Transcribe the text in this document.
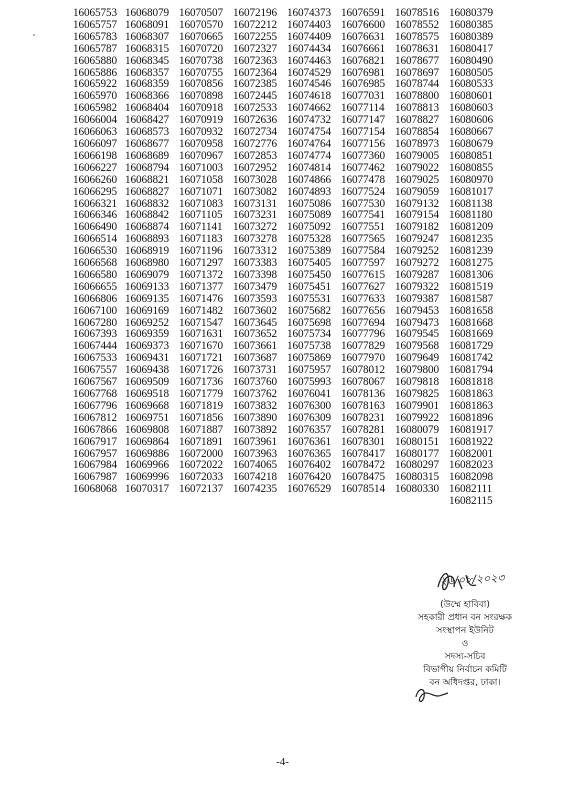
16065753	16068079	16070507	16072196	16074373	16076591	16078516	16080379
16065757	16068091	16070570	16072212	16074403	16076600	16078552	16080385
16065783	16068307	16070665	16072255	16074409	16076631	16078575	16080389
16065787	16068315	16070720	16072327	16074434	16076661	16078631	16080417
16065880	16068345	16070738	16072363	16074463	16076821	16078677	16080490
16065886	16068357	16070755	16072364	16074529	16076981	16078697	16080505
16065922	16068359	16070856	16072385	16074546	16076985	16078744	16080533
16065970	16068366	16070898	16072445	16074618	16077031	16078800	16080601
16065982	16068404	16070918	16072533	16074662	16077114	16078813	16080603
16066004	16068427	16070919	16072636	16074732	16077147	16078827	16080606
16066063	16068573	16070932	16072734	16074754	16077154	16078854	16080667
16066097	16068677	16070958	16072776	16074764	16077156	16078973	16080679
16066198	16068689	16070967	16072853	16074774	16077360	16079005	16080851
16066227	16068794	16071003	16072952	16074814	16077462	16079022	16080855
16066260	16068821	16071058	16073028	16074866	16077478	16079025	16080970
16066295	16068827	16071071	16073082	16074893	16077524	16079059	16081017
16066321	16068832	16071083	16073131	16075086	16077530	16079132	16081138
16066346	16068842	16071105	16073231	16075089	16077541	16079154	16081180
16066490	16068874	16071141	16073272	16075092	16077551	16079182	16081209
16066514	16068893	16071183	16073278	16075328	16077565	16079247	16081235
16066530	16068919	16071196	16073312	16075389	16077584	16079252	16081239
16066568	16068980	16071297	16073383	16075405	16077597	16079272	16081275
16066580	16069079	16071372	16073398	16075450	16077615	16079287	16081306
16066655	16069133	16071377	16073479	16075451	16077627	16079322	16081519
16066806	16069135	16071476	16073593	16075531	16077633	16079387	16081587
16067100	16069169	16071482	16073602	16075682	16077656	16079453	16081658
16067280	16069252	16071547	16073645	16075698	16077694	16079473	16081668
16067393	16069359	16071631	16073652	16075734	16077796	16079545	16081669
16067444	16069373	16071670	16073661	16075738	16077829	16079568	16081729
16067533	16069431	16071721	16073687	16075869	16077970	16079649	16081742
16067557	16069438	16071726	16073731	16075957	16078012	16079800	16081794
16067567	16069509	16071736	16073760	16075993	16078067	16079818	16081818
16067768	16069518	16071779	16073762	16076041	16078136	16079825	16081863
16067796	16069668	16071819	16073832	16076300	16078163	16079901	16081863
16067812	16069751	16071856	16073890	16076309	16078231	16079922	16081896
16067866	16069808	16071887	16073892	16076357	16078281	16080079	16081917
16067917	16069864	16071891	16073961	16076361	16078301	16080151	16081922
16067957	16069886	16072000	16073963	16076365	16078417	16080177	16082001
16067984	16069966	16072022	16074065	16076402	16078472	16080297	16082023
16067987	16069996	16072033	16074218	16076420	16078475	16080315	16082098
16068068	16070317	16072137	16074235	16076529	16078514	16080330	16082111
							16082115
২৬/০৮/২০২৩
(উম্মে হাবিবা)
সহকারী প্রধান বন সংরক্ষক
সংস্থাপন ইউনিট
ও
সদস্য-সচিব
বিভাগীয় নির্বাচন কমিটি
বন অধিদপ্তর, ঢাকা।
-4-
